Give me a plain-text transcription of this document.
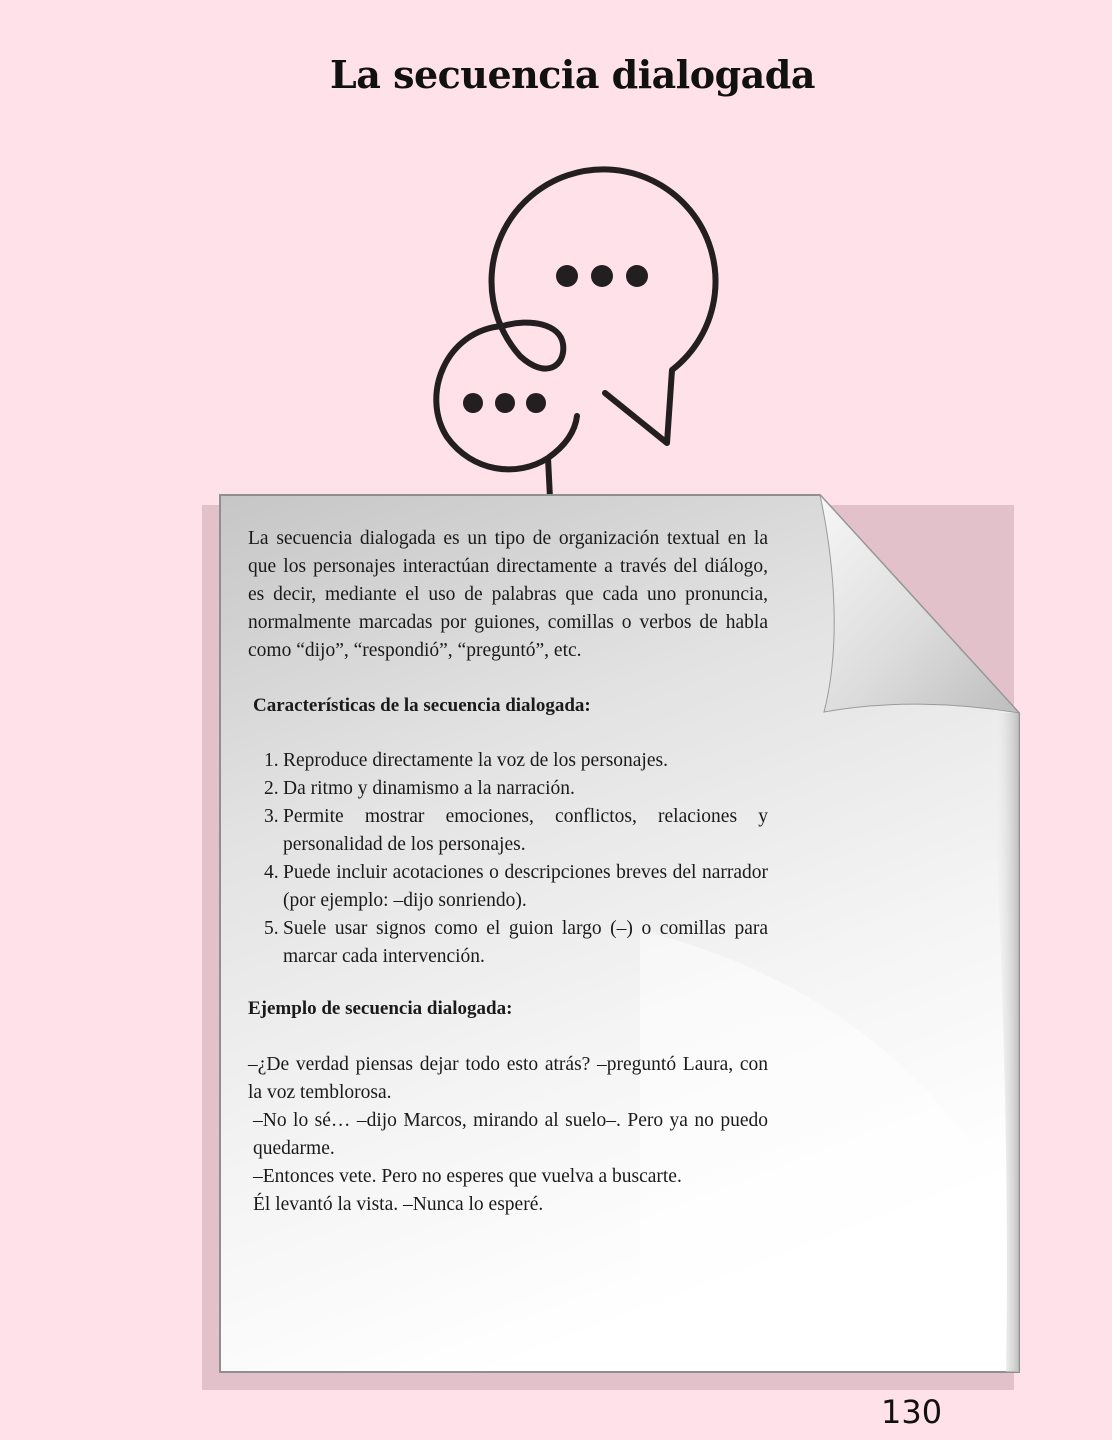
La secuencia dialogada

La secuencia dialogada es un tipo de organización textual en la que los personajes interactúan directamente a través del diálogo, es decir, mediante el uso de palabras que cada uno pronuncia, normalmente marcadas por guiones, comillas o verbos de habla como “dijo”, “respondió”, “preguntó”, etc.

Características de la secuencia dialogada:
1. Reproduce directamente la voz de los personajes.
2. Da ritmo y dinamismo a la narración.
3. Permite mostrar emociones, conflictos, relaciones y personalidad de los personajes.
4. Puede incluir acotaciones o descripciones breves del narrador (por ejemplo: –dijo sonriendo).
5. Suele usar signos como el guion largo (–) o comillas para marcar cada intervención.
Ejemplo de secuencia dialogada:

–¿De verdad piensas dejar todo esto atrás? –preguntó Laura, con la voz temblorosa.

–No lo sé… –dijo Marcos, mirando al suelo–. Pero ya no puedo quedarme.

–Entonces vete. Pero no esperes que vuelva a buscarte.

Él levantó la vista. –Nunca lo esperé.

130
